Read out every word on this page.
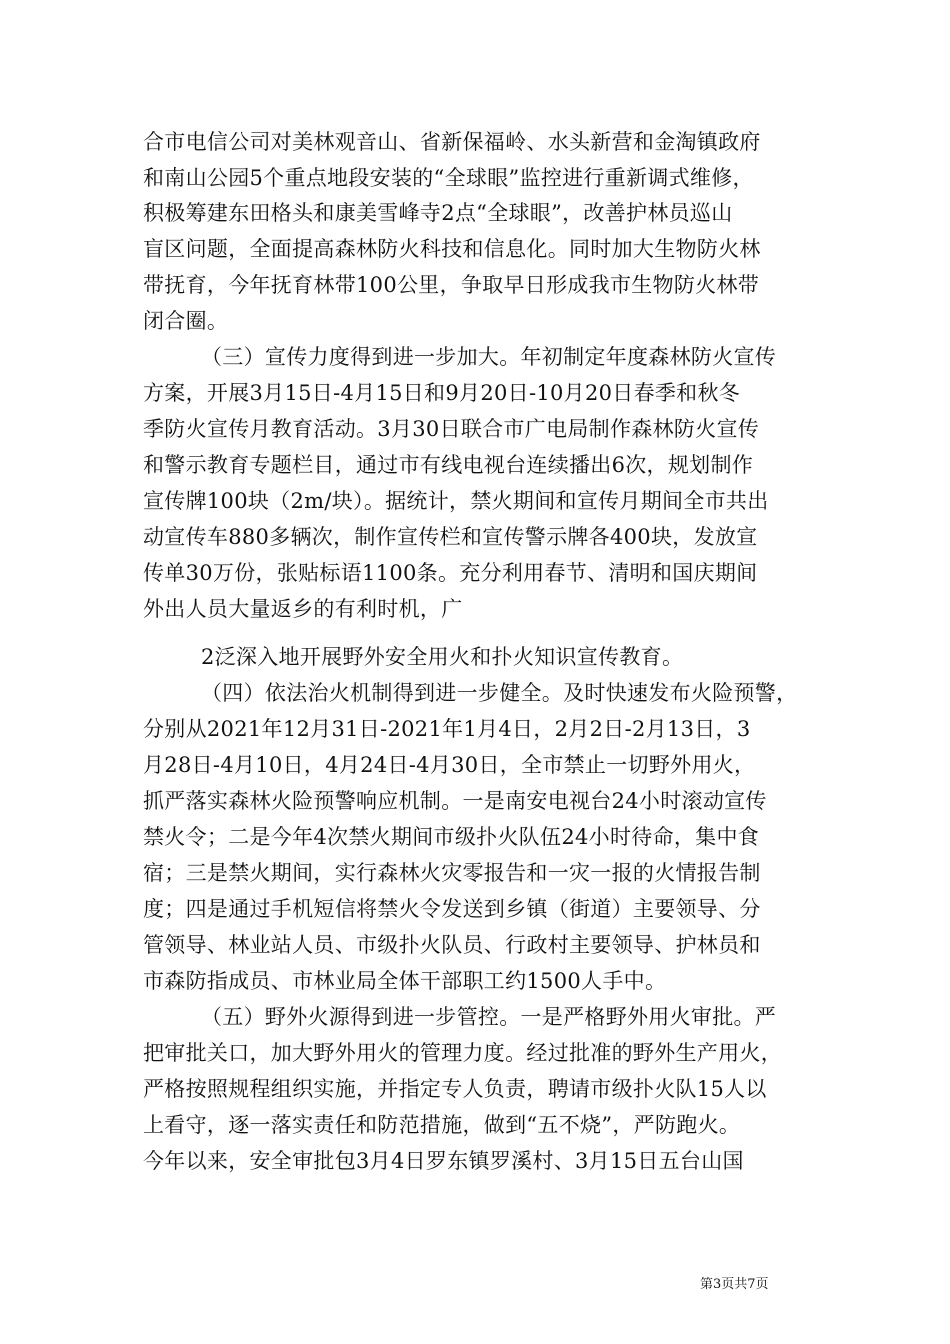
合市电信公司对美林观音山、省新保福岭、水头新营和金淘镇政府
和南山公园5个重点地段安装的“全球眼”监控进行重新调式维修，
积极筹建东田格头和康美雪峰寺2点“全球眼”，改善护林员巡山
盲区问题，全面提高森林防火科技和信息化。同时加大生物防火林
带抚育，今年抚育林带100公里，争取早日形成我市生物防火林带
闭合圈。
（三）宣传力度得到进一步加大。年初制定年度森林防火宣传
方案，开展3月15日-4月15日和9月20日-10月20日春季和秋冬
季防火宣传月教育活动。3月30日联合市广电局制作森林防火宣传
和警示教育专题栏目，通过市有线电视台连续播出6次，规划制作
宣传牌100块（2m/块）。据统计，禁火期间和宣传月期间全市共出
动宣传车880多辆次，制作宣传栏和宣传警示牌各400块，发放宣
传单30万份，张贴标语1100条。充分利用春节、清明和国庆期间
外出人员大量返乡的有利时机，广
2泛深入地开展野外安全用火和扑火知识宣传教育。
（四）依法治火机制得到进一步健全。及时快速发布火险预警，
分别从2021年12月31日-2021年1月4日，2月2日-2月13日，3
月28日-4月10日，4月24日-4月30日，全市禁止一切野外用火，
抓严落实森林火险预警响应机制。一是南安电视台24小时滚动宣传
禁火令；二是今年4次禁火期间市级扑火队伍24小时待命，集中食
宿；三是禁火期间，实行森林火灾零报告和一灾一报的火情报告制
度；四是通过手机短信将禁火令发送到乡镇（街道）主要领导、分
管领导、林业站人员、市级扑火队员、行政村主要领导、护林员和
市森防指成员、市林业局全体干部职工约1500人手中。
（五）野外火源得到进一步管控。一是严格野外用火审批。严
把审批关口，加大野外用火的管理力度。经过批准的野外生产用火，
严格按照规程组织实施，并指定专人负责，聘请市级扑火队15人以
上看守，逐一落实责任和防范措施，做到“五不烧”，严防跑火。
今年以来，安全审批包3月4日罗东镇罗溪村、3月15日五台山国
第3页共7页
